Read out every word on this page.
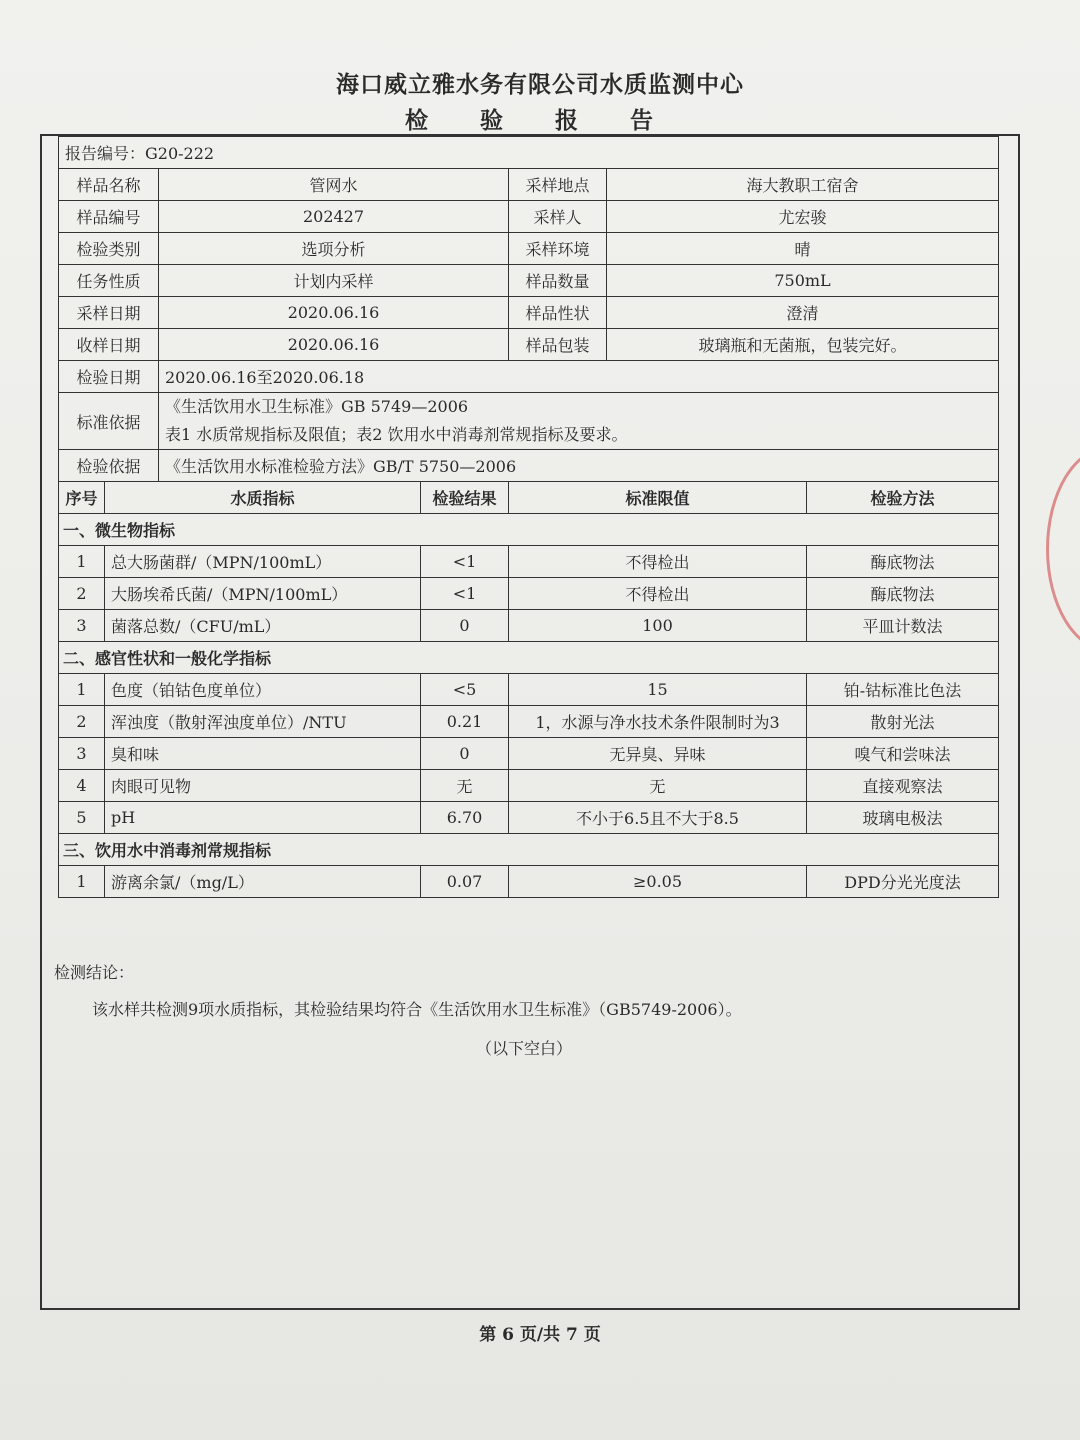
海口威立雅水务有限公司水质监测中心
检 验 报 告
报告编号：G20-222						
样品名称		管网水		采样地点	海大教职工宿舍	
样品编号		202427		采样人	尤宏骏	
检验类别		选项分析		采样环境	晴	
任务性质		计划内采样		样品数量	750mL	
采样日期		2020.06.16		样品性状	澄清	
收样日期		2020.06.16		样品包装	玻璃瓶和无菌瓶，包装完好。	
检验日期		2020.06.16至2020.06.18				
标准依据		《生活饮用水卫生标准》GB 5749—2006
表1 水质常规指标及限值；表2 饮用水中消毒剂常规指标及要求。				

检验依据		《生活饮用水标准检验方法》GB/T 5750—2006				
序号	水质指标		检验结果	标准限值		检验方法
一、微生物指标						
1	总大肠菌群/（MPN/100mL）		<1	不得检出		酶底物法
2	大肠埃希氏菌/（MPN/100mL）		<1	不得检出		酶底物法
3	菌落总数/（CFU/mL）		0	100		平皿计数法
二、感官性状和一般化学指标						
1	色度（铂钴色度单位）		<5	15		铂-钴标准比色法
2	浑浊度（散射浑浊度单位）/NTU		0.21	1，水源与净水技术条件限制时为3		散射光法
3	臭和味		0	无异臭、异味		嗅气和尝味法
4	肉眼可见物		无	无		直接观察法
5	pH		6.70	不小于6.5且不大于8.5		玻璃电极法
三、饮用水中消毒剂常规指标						
1	游离余氯/（mg/L）		0.07	≥0.05		DPD分光光度法
检测结论：
该水样共检测9项水质指标，其检验结果均符合《生活饮用水卫生标准》（GB5749-2006）。
（以下空白）
第 6 页/共 7 页
